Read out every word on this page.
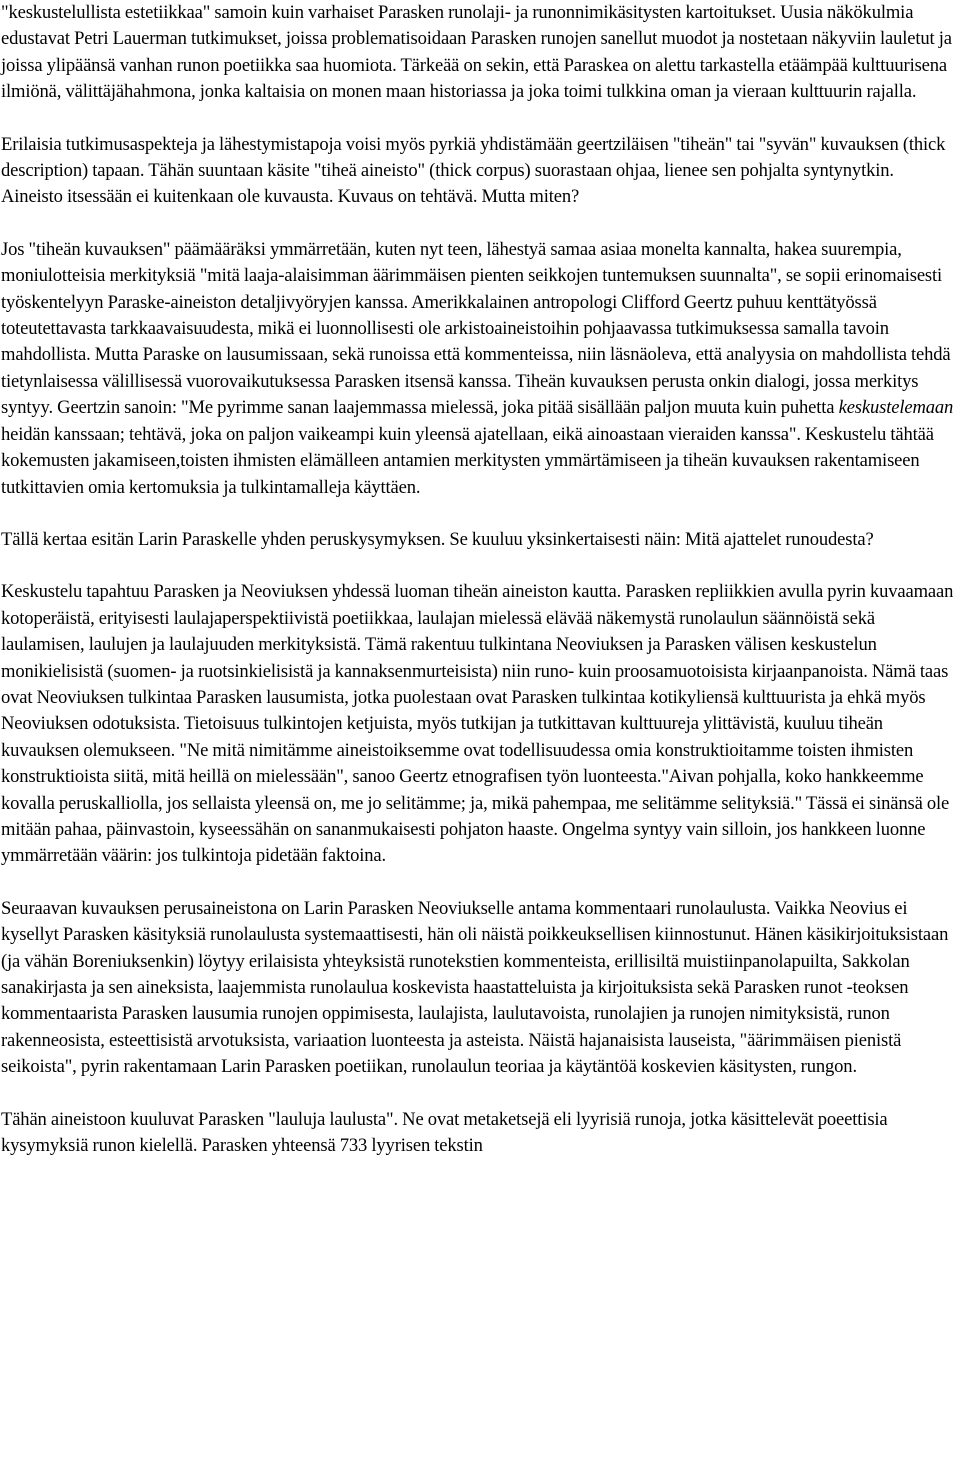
"keskustelullista estetiikkaa" samoin kuin varhaiset Parasken runolaji- ja runonnimikäsitysten kartoitukset. Uusia näkökulmia edustavat Petri Lauerman tutkimukset, joissa problematisoidaan Parasken runojen sanellut muodot ja nostetaan näkyviin lauletut ja joissa ylipäänsä vanhan runon poetiikka saa huomiota. Tärkeää on sekin, että Paraskea on alettu tarkastella etäämpää kulttuurisena ilmiönä, välittäjähahmona, jonka kaltaisia on monen maan historiassa ja joka toimi tulkkina oman ja vieraan kulttuurin rajalla.

Erilaisia tutkimusaspekteja ja lähestymistapoja voisi myös pyrkiä yhdistämään geertziläisen "tiheän" tai "syvän" kuvauksen (thick description) tapaan. Tähän suuntaan käsite "tiheä aineisto" (thick corpus) suorastaan ohjaa, lienee sen pohjalta syntynytkin. Aineisto itsessään ei kuitenkaan ole kuvausta. Kuvaus on tehtävä. Mutta miten?

Jos "tiheän kuvauksen" päämääräksi ymmärretään, kuten nyt teen, lähestyä samaa asiaa monelta kannalta, hakea suurempia, moniulotteisia merkityksiä "mitä laaja-alaisimman äärimmäisen pienten seikkojen tuntemuksen suunnalta", se sopii erinomaisesti työskentelyyn Paraske-aineiston detaljivyöryjen kanssa. Amerikkalainen antropologi Clifford Geertz puhuu kenttätyössä toteutettavasta tarkkaavaisuudesta, mikä ei luonnollisesti ole arkistoaineistoihin pohjaavassa tutkimuksessa samalla tavoin mahdollista. Mutta Paraske on lausumissaan, sekä runoissa että kommenteissa, niin läsnäoleva, että analyysia on mahdollista tehdä tietynlaisessa välillisessä vuorovaikutuksessa Parasken itsensä kanssa. Tiheän kuvauksen perusta onkin dialogi, jossa merkitys syntyy. Geertzin sanoin: "Me pyrimme sanan laajemmassa mielessä, joka pitää sisällään paljon muuta kuin puhetta keskustelemaan heidän kanssaan; tehtävä, joka on paljon vaikeampi kuin yleensä ajatellaan, eikä ainoastaan vieraiden kanssa". Keskustelu tähtää kokemusten jakamiseen,toisten ihmisten elämälleen antamien merkitysten ymmärtämiseen ja tiheän kuvauksen rakentamiseen tutkittavien omia kertomuksia ja tulkintamalleja käyttäen.

Tällä kertaa esitän Larin Paraskelle yhden peruskysymyksen. Se kuuluu yksinkertaisesti näin: Mitä ajattelet runoudesta?

Keskustelu tapahtuu Parasken ja Neoviuksen yhdessä luoman tiheän aineiston kautta. Parasken repliikkien avulla pyrin kuvaamaan kotoperäistä, erityisesti laulajaperspektiivistä poetiikkaa, laulajan mielessä elävää näkemystä runolaulun säännöistä sekä laulamisen, laulujen ja laulajuuden merkityksistä. Tämä rakentuu tulkintana Neoviuksen ja Parasken välisen keskustelun monikielisistä (suomen- ja ruotsinkielisistä ja kannaksenmurteisista) niin runo- kuin proosamuotoisista kirjaanpanoista. Nämä taas ovat Neoviuksen tulkintaa Parasken lausumista, jotka puolestaan ovat Parasken tulkintaa kotikyliensä kulttuurista ja ehkä myös Neoviuksen odotuksista. Tietoisuus tulkintojen ketjuista, myös tutkijan ja tutkittavan kulttuureja ylittävistä, kuuluu tiheän kuvauksen olemukseen. "Ne mitä nimitämme aineistoiksemme ovat todellisuudessa omia konstruktioitamme toisten ihmisten konstruktioista siitä, mitä heillä on mielessään", sanoo Geertz etnografisen työn luonteesta."Aivan pohjalla, koko hankkeemme kovalla peruskalliolla, jos sellaista yleensä on, me jo selitämme; ja, mikä pahempaa, me selitämme selityksiä." Tässä ei sinänsä ole mitään pahaa, päinvastoin, kyseessähän on sananmukaisesti pohjaton haaste. Ongelma syntyy vain silloin, jos hankkeen luonne ymmärretään väärin: jos tulkintoja pidetään faktoina.

Seuraavan kuvauksen perusaineistona on Larin Parasken Neoviukselle antama kommentaari runolaulusta. Vaikka Neovius ei kysellyt Parasken käsityksiä runolaulusta systemaattisesti, hän oli näistä poikkeuksellisen kiinnostunut. Hänen käsikirjoituksistaan (ja vähän Boreniuksenkin) löytyy erilaisista yhteyksistä runotekstien kommenteista, erillisiltä muistiinpanolapuilta, Sakkolan sanakirjasta ja sen aineksista, laajemmista runolaulua koskevista haastatteluista ja kirjoituksista sekä Parasken runot -teoksen kommentaarista Parasken lausumia runojen oppimisesta, laulajista, laulutavoista, runolajien ja runojen nimityksistä, runon rakenneosista, esteettisistä arvotuksista, variaation luonteesta ja asteista. Näistä hajanaisista lauseista, "äärimmäisen pienistä seikoista", pyrin rakentamaan Larin Parasken poetiikan, runolaulun teoriaa ja käytäntöä koskevien käsitysten, rungon.

Tähän aineistoon kuuluvat Parasken "lauluja laulusta". Ne ovat metaketsejä eli lyyrisiä runoja, jotka käsittelevät poeettisia kysymyksiä runon kielellä. Parasken yhteensä 733 lyyrisen tekstin
